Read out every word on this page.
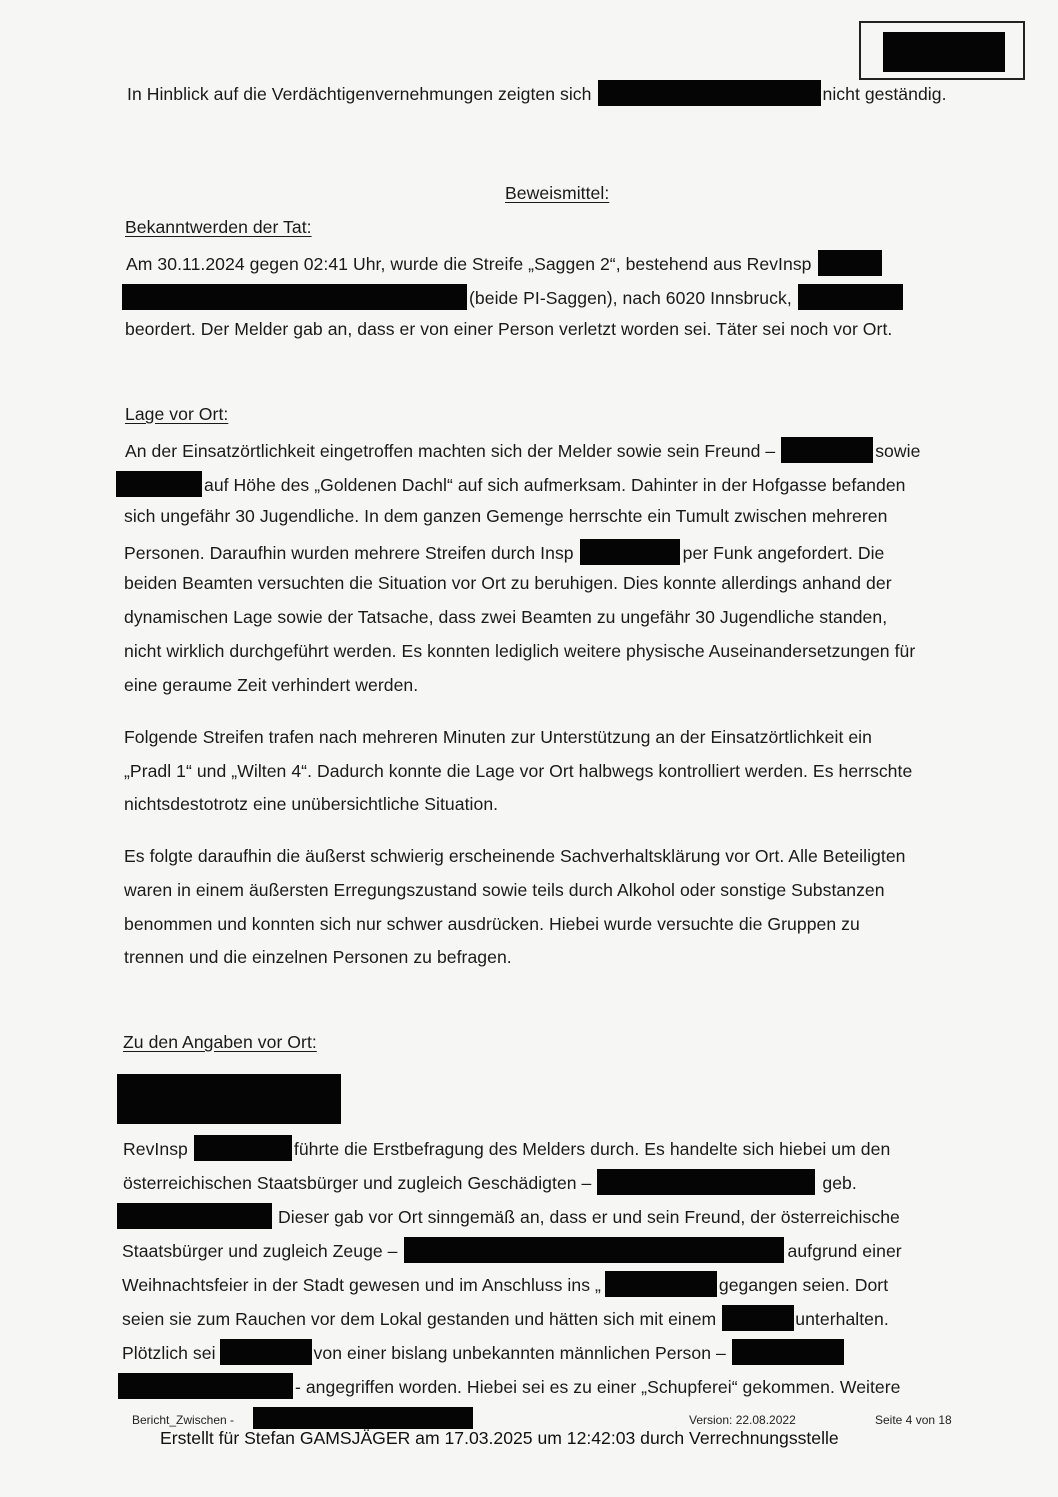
In Hinblick auf die Verdächtigenvernehmungen zeigten sich	nicht geständig.
Beweismittel:
Bekanntwerden der Tat:
Am 30.11.2024 gegen 02:41 Uhr, wurde die Streife „Saggen 2“, bestehend aus RevInsp
(beide PI-Saggen), nach 6020 Innsbruck,
beordert. Der Melder gab an, dass er von einer Person verletzt worden sei. Täter sei noch vor Ort.
Lage vor Ort:
An der Einsatzörtlichkeit eingetroffen machten sich der Melder sowie sein Freund –	sowie
auf Höhe des „Goldenen Dachl“ auf sich aufmerksam. Dahinter in der Hofgasse befanden
sich ungefähr 30 Jugendliche. In dem ganzen Gemenge herrschte ein Tumult zwischen mehreren
Personen. Daraufhin wurden mehrere Streifen durch Insp	per Funk angefordert. Die
beiden Beamten versuchten die Situation vor Ort zu beruhigen. Dies konnte allerdings anhand der
dynamischen Lage sowie der Tatsache, dass zwei Beamten zu ungefähr 30 Jugendliche standen,
nicht wirklich durchgeführt werden. Es konnten lediglich weitere physische Auseinandersetzungen für
eine geraume Zeit verhindert werden.
Folgende Streifen trafen nach mehreren Minuten zur Unterstützung an der Einsatzörtlichkeit ein
„Pradl 1“ und „Wilten 4“. Dadurch konnte die Lage vor Ort halbwegs kontrolliert werden. Es herrschte
nichtsdestotrotz eine unübersichtliche Situation.
Es folgte daraufhin die äußerst schwierig erscheinende Sachverhaltsklärung vor Ort. Alle Beteiligten
waren in einem äußersten Erregungszustand sowie teils durch Alkohol oder sonstige Substanzen
benommen und konnten sich nur schwer ausdrücken. Hiebei wurde versuchte die Gruppen zu
trennen und die einzelnen Personen zu befragen.
Zu den Angaben vor Ort:
RevInsp	führte die Erstbefragung des Melders durch. Es handelte sich hiebei um den
österreichischen Staatsbürger und zugleich Geschädigten –	geb.
Dieser gab vor Ort sinngemäß an, dass er und sein Freund, der österreichische
Staatsbürger und zugleich Zeuge –	aufgrund einer
Weihnachtsfeier in der Stadt gewesen und im Anschluss ins „	gegangen seien. Dort
seien sie zum Rauchen vor dem Lokal gestanden und hätten sich mit einem	unterhalten.
Plötzlich sei	von einer bislang unbekannten männlichen Person –
- angegriffen worden. Hiebei sei es zu einer „Schupferei“ gekommen. Weitere
Bericht_Zwischen -	Version: 22.08.2022	Seite 4 von 18
Erstellt für Stefan GAMSJÄGER am 17.03.2025 um 12:42:03 durch Verrechnungsstelle
